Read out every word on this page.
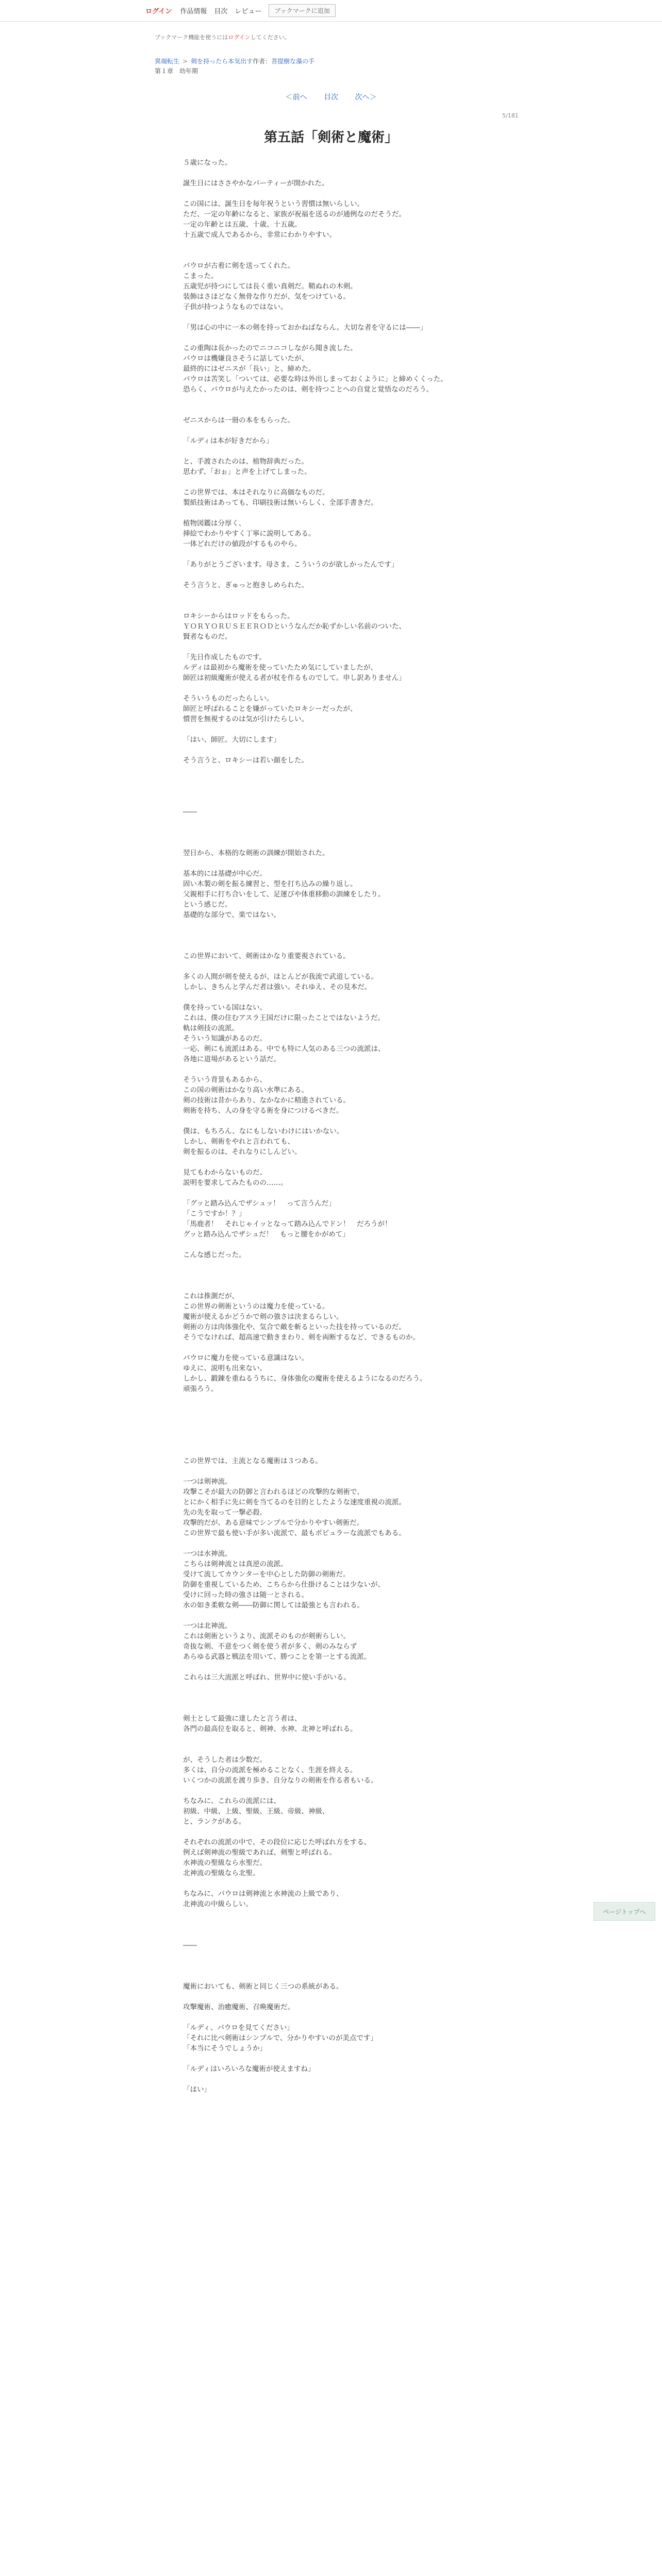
ログイン 作品情報 目次 レビュー	ブックマークに追加
ブックマーク機能を使うにはログインしてください。
異端転生 > 剣を持ったら本気出す作者：菩提樹な藻の手
第１章　幼年期
＜前へ 目次 次へ＞
5/181
第五話「剣術と魔術」

５歳になった。

誕生日にはささやかなパーティーが開かれた。

この国には、誕生日を毎年祝うという習慣は無いらしい。

ただ、一定の年齢になると、家族が祝福を送るのが通例なのだそうだ。

一定の年齢とは五歳、十歳、十五歳。

十五歳で成人であるから、非常にわかりやすい。

パウロが古着に剣を送ってくれた。

こまった。

五歳児が持つにしては長く重い真剣だ。鞘ぬれの木剣。

装飾はさほどなく無骨な作りだが、気をつけている。

子供が持つようなものではない。

「男は心の中に一本の剣を持っておかねばならん。大切な者を守るには――」

この重陶は長かったのでニコニコしながら聞き流した。

パウロは機嫌良さそうに話していたが、

最終的にはゼニスが「長い」と、締めた。

パウロは苦笑し「ついては、必要な時は外出しまっておくように」と締めくくった。

恐らく、パウロが与えたかったのは、剣を持つことへの自覚と覚悟なのだろう。

ゼニスからは一冊の本をもらった。

「ルディは本が好きだから」

と、手渡されたのは、植物辞典だった。

思わず、「おぉ」と声を上げてしまった。

この世界では、本はそれなりに高価なものだ。

製紙技術はあっても、印刷技術は無いらしく、全部手書きだ。

植物図鑑は分厚く、

挿絵でわかりやすく丁寧に説明してある。

一体どれだけの値段がするものやら。

「ありがとうございます。母さま。こういうのが欲しかったんです」

そう言うと、ぎゅっと抱きしめられた。

ロキシーからはロッドをもらった。

ＹＯＲＹＯＲＵＳＥＥＲＯＤというなんだか恥ずかしい名前のついた、

賢者なものだ。

「先日作成したものです。

ルディは最初から魔術を使っていたため気にしていましたが、

師匠は初級魔術が使える者が杖を作るものでして。申し訳ありません」

そういうものだったらしい。

師匠と呼ばれることを嫌がっていたロキシーだったが、

慣習を無視するのは気が引けたらしい。

「はい、師匠。大切にします」

そう言うと、ロキシーは若い顔をした。

――

翌日から、本格的な剣術の訓練が開始された。

基本的には基礎が中心だ。

固い木製の剣を振る練習と、型を打ち込みの繰り返し。

父親相手に打ち合いをして、足運びや体重移動の訓練をしたり。

という感じだ。

基礎的な部分で、楽ではない。

この世界において、剣術はかなり重要視されている。

多くの人間が剣を使えるが、ほとんどが我流で武道している。

しかし、きちんと学んだ者は強い。それゆえ、その見本だ。

僕を持っている国はない。

これは、僕の住むアスラ王国だけに限ったことではないようだ。

軌は剣技の流派。

そういう知識があるのだ。

一応、剣にも流派はある。中でも特に人気のある三つの流派は、

各地に道場があるという話だ。

そういう背景もあるから、

この国の剣術はかなり高い水準にある。

剣の技術は昔からあり、なかなかに精進されている。

剣術を持ち、人の身を守る術を身につけるべきだ。

僕は、もちろん、なにもしないわけにはいかない。

しかし、剣術をやれと言われても、

剣を振るのは、それなりにしんどい。

見てもわからないものだ。

説明を要求してみたものの……。

「グッと踏み込んでザシュッ！　って言うんだ」

「こうですか！？」

「馬鹿者！　それじゃイッとなって踏み込んでドン！　だろうが！

グッと踏み込んでザシュだ！　もっと腰をかがめて」

こんな感じだった。

これは推測だが、

この世界の剣術というのは魔力を使っている。

魔術が使えるかどうかで剣の強さは決まるらしい。

剣術の方は肉体強化や、気合で敵を斬るといった技を持っているのだ。

そうでなければ、超高速で動きまわり、剣を両断するなど、できるものか。

パウロに魔力を使っている意識はない。

ゆえに、説明も出来ない。

しかし、鍛錬を重ねるうちに、身体強化の魔術を使えるようになるのだろう。

頑張ろう。

この世界では、主流となる魔術は３つある。

一つは剣神流。

攻撃こそが最大の防御と言われるほどの攻撃的な剣術で、

とにかく相手に先に剣を当てるのを目的としたような速度重視の流派。

先の先を取って一撃必殺。

攻撃的だが、ある意味でシンプルで分かりやすい剣術だ。

この世界で最も使い手が多い流派で、最もポピュラーな流派でもある。

一つは水神流。

こちらは剣神流とは真逆の流派。

受けて流してカウンターを中心とした防御の剣術だ。

防御を重視しているため、こちらから仕掛けることは少ないが、

受けに回った時の強さは随一とされる。

水の如き柔軟な剣――防御に関しては最強とも言われる。

一つは北神流。

これは剣術というより、流派そのものが剣術らしい。

奇抜な剣、不意をつく剣を使う者が多く、剣のみならず

あらゆる武器と戦法を用いて、勝つことを第一とする流派。

これらは三大流派と呼ばれ、世界中に使い手がいる。

剣士として最強に達したと言う者は、

各門の最高位を取ると、剣神、水神、北神と呼ばれる。

が、そうした者は少数だ。

多くは、自分の流派を極めることなく、生涯を終える。

いくつかの流派を渡り歩き、自分なりの剣術を作る者もいる。

ちなみに、これらの流派には、

初級、中級、上級、聖級、王級、帝級、神級、

と、ランクがある。

それぞれの流派の中で、その段位に応じた呼ばれ方をする。

例えば剣神流の聖級であれば、剣聖と呼ばれる。

水神流の聖級なら水聖だ。

北神流の聖級なら北聖。

ちなみに、パウロは剣神流と水神流の上級であり、

北神流の中級らしい。

――

魔術においても、剣術と同じく三つの系統がある。

攻撃魔術、治癒魔術、召喚魔術だ。

「ルディ、パウロを見てください」

「それに比べ剣術はシンプルで、分かりやすいのが美点です」

「本当にそうでしょうか」

「ルディはいろいろな魔術が使えますね」

「はい」

ページトップへ
